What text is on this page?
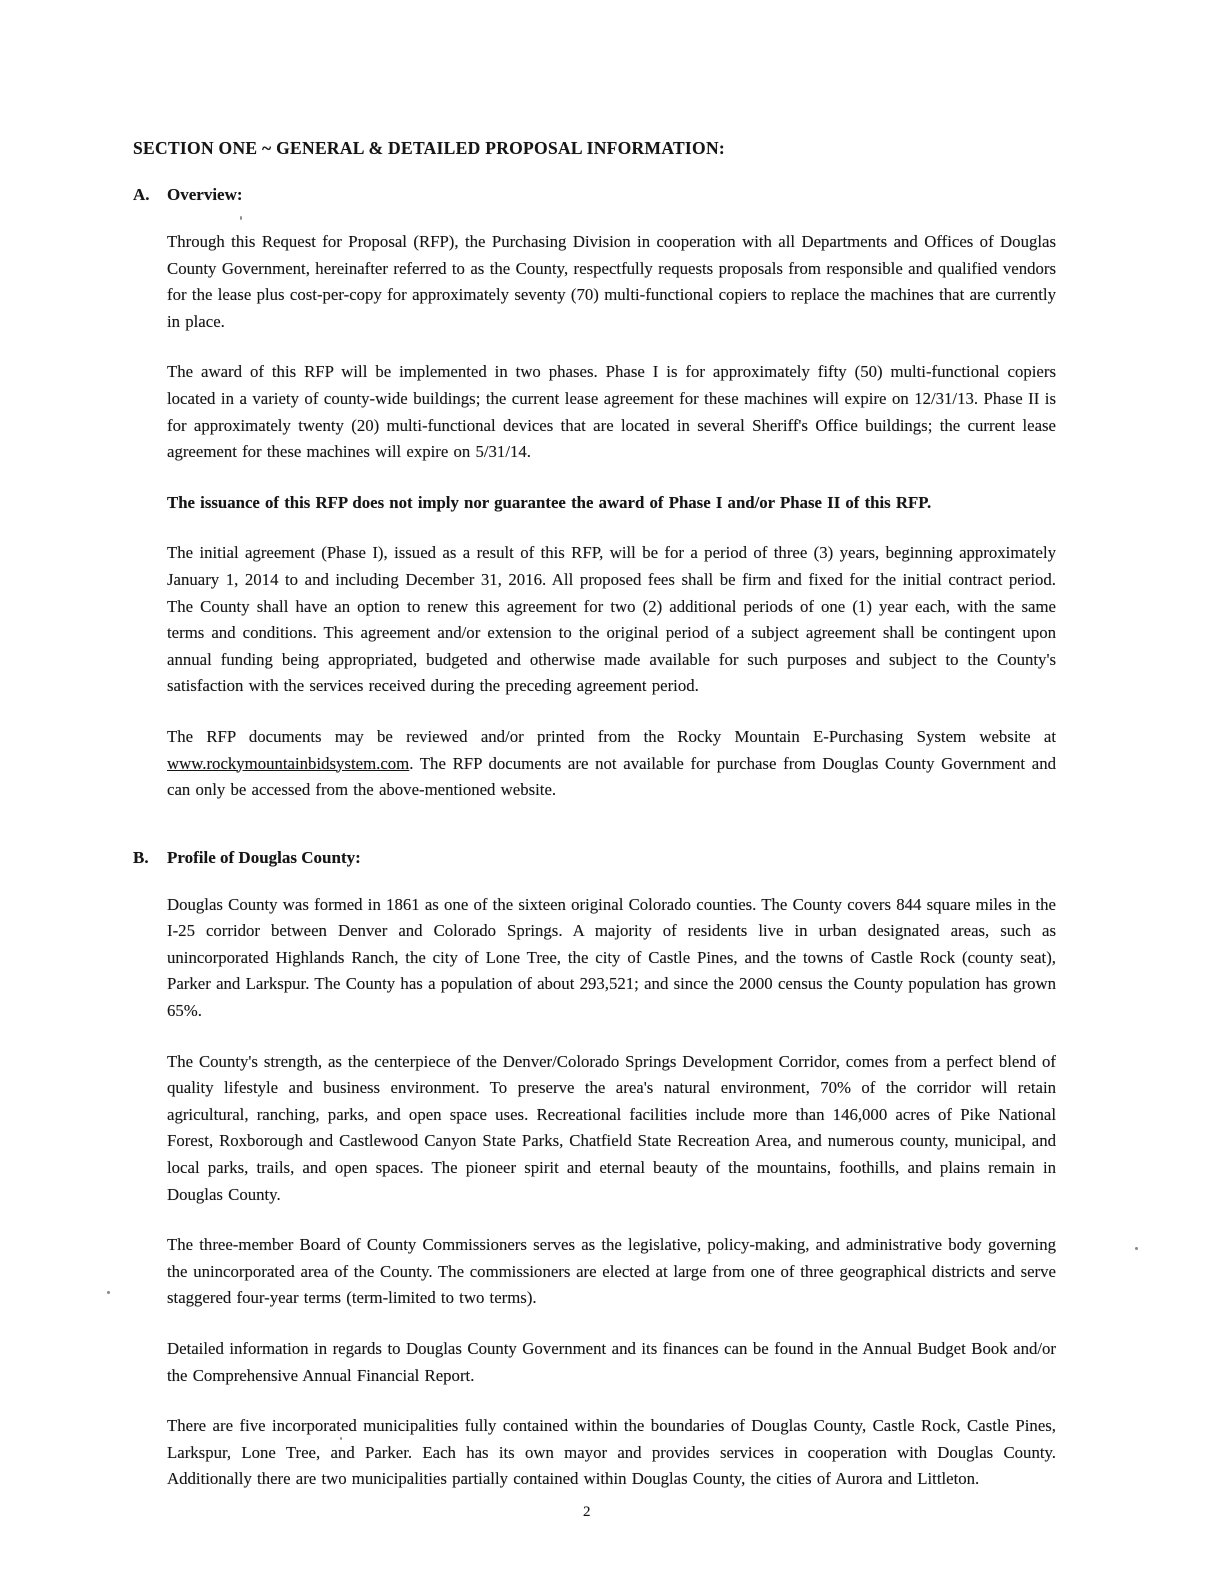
SECTION ONE ~ GENERAL & DETAILED PROPOSAL INFORMATION:
A.	Overview:

Through this Request for Proposal (RFP), the Purchasing Division in cooperation with all Departments and Offices of Douglas County Government, hereinafter referred to as the County, respectfully requests proposals from responsible and qualified vendors for the lease plus cost-per-copy for approximately seventy (70) multi-functional copiers to replace the machines that are currently in place.

The award of this RFP will be implemented in two phases. Phase I is for approximately fifty (50) multi-functional copiers located in a variety of county-wide buildings; the current lease agreement for these machines will expire on 12/31/13. Phase II is for approximately twenty (20) multi-functional devices that are located in several Sheriff's Office buildings; the current lease agreement for these machines will expire on 5/31/14.

The issuance of this RFP does not imply nor guarantee the award of Phase I and/or Phase II of this RFP.

The initial agreement (Phase I), issued as a result of this RFP, will be for a period of three (3) years, beginning approximately January 1, 2014 to and including December 31, 2016. All proposed fees shall be firm and fixed for the initial contract period. The County shall have an option to renew this agreement for two (2) additional periods of one (1) year each, with the same terms and conditions. This agreement and/or extension to the original period of a subject agreement shall be contingent upon annual funding being appropriated, budgeted and otherwise made available for such purposes and subject to the County's satisfaction with the services received during the preceding agreement period.

The RFP documents may be reviewed and/or printed from the Rocky Mountain E-Purchasing System website at www.rockymountainbidsystem.com. The RFP documents are not available for purchase from Douglas County Government and can only be accessed from the above-mentioned website.

B.	Profile of Douglas County:

Douglas County was formed in 1861 as one of the sixteen original Colorado counties. The County covers 844 square miles in the I-25 corridor between Denver and Colorado Springs. A majority of residents live in urban designated areas, such as unincorporated Highlands Ranch, the city of Lone Tree, the city of Castle Pines, and the towns of Castle Rock (county seat), Parker and Larkspur. The County has a population of about 293,521; and since the 2000 census the County population has grown 65%.

The County's strength, as the centerpiece of the Denver/Colorado Springs Development Corridor, comes from a perfect blend of quality lifestyle and business environment. To preserve the area's natural environment, 70% of the corridor will retain agricultural, ranching, parks, and open space uses. Recreational facilities include more than 146,000 acres of Pike National Forest, Roxborough and Castlewood Canyon State Parks, Chatfield State Recreation Area, and numerous county, municipal, and local parks, trails, and open spaces. The pioneer spirit and eternal beauty of the mountains, foothills, and plains remain in Douglas County.

The three-member Board of County Commissioners serves as the legislative, policy-making, and administrative body governing the unincorporated area of the County. The commissioners are elected at large from one of three geographical districts and serve staggered four-year terms (term-limited to two terms).

Detailed information in regards to Douglas County Government and its finances can be found in the Annual Budget Book and/or the Comprehensive Annual Financial Report.

There are five incorporated municipalities fully contained within the boundaries of Douglas County, Castle Rock, Castle Pines, Larkspur, Lone Tree, and Parker. Each has its own mayor and provides services in cooperation with Douglas County. Additionally there are two municipalities partially contained within Douglas County, the cities of Aurora and Littleton.

2
